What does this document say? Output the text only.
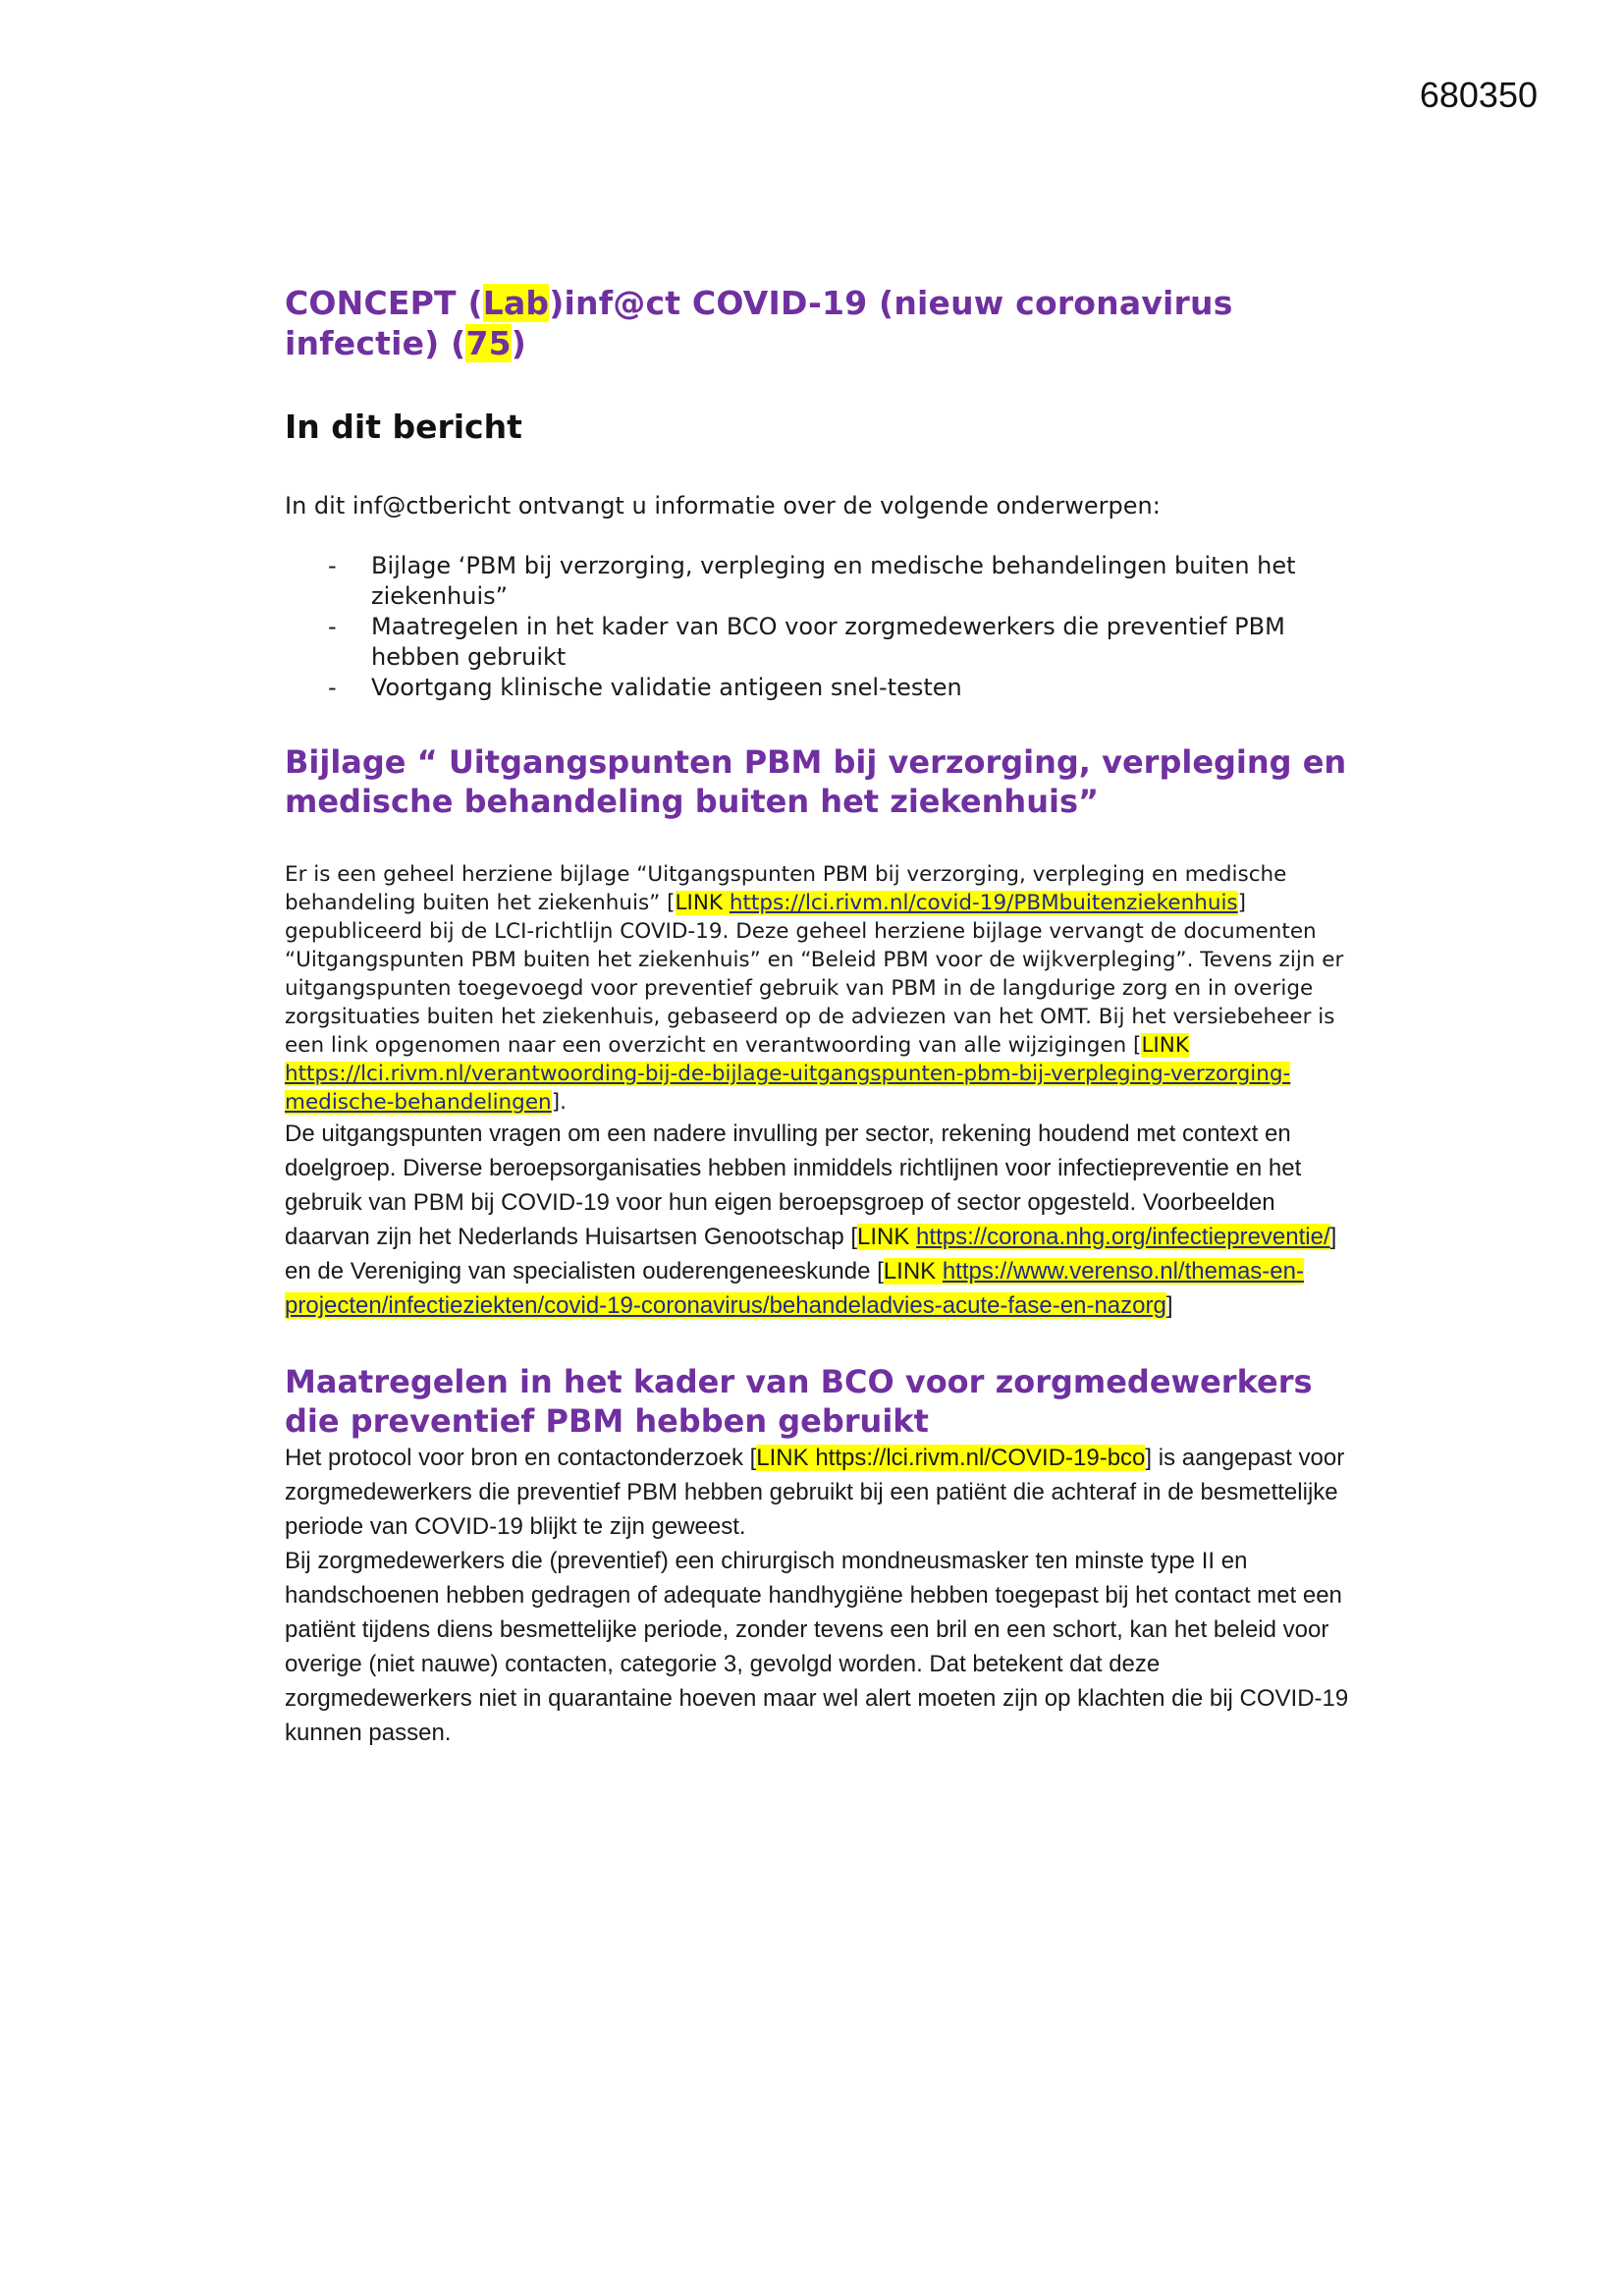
680350
CONCEPT (Lab)inf@ct COVID-19 (nieuw coronavirus infectie) (75)
In dit bericht

In dit inf@ctbericht ontvangt u informatie over de volgende onderwerpen:

- Bijlage ‘PBM bij verzorging, verpleging en medische behandelingen buiten het ziekenhuis”
- Maatregelen in het kader van BCO voor zorgmedewerkers die preventief PBM hebben gebruikt
- Voortgang klinische validatie antigeen snel-testen
Bijlage “ Uitgangspunten PBM bij verzorging, verpleging en medische behandeling buiten het ziekenhuis”

Er is een geheel herziene bijlage “Uitgangspunten PBM bij verzorging, verpleging en medische behandeling buiten het ziekenhuis” [LINK https://lci.rivm.nl/covid-19/PBMbuitenziekenhuis] gepubliceerd bij de LCI-richtlijn COVID-19. Deze geheel herziene bijlage vervangt de documenten “Uitgangspunten PBM buiten het ziekenhuis” en “Beleid PBM voor de wijkverpleging”. Tevens zijn er uitgangspunten toegevoegd voor preventief gebruik van PBM in de langdurige zorg en in overige zorgsituaties buiten het ziekenhuis, gebaseerd op de adviezen van het OMT. Bij het versiebeheer is een link opgenomen naar een overzicht en verantwoording van alle wijzigingen [LINK https://lci.rivm.nl/verantwoording-bij-de-bijlage-uitgangspunten-pbm-bij-verpleging-verzorging-medische-behandelingen].

De uitgangspunten vragen om een nadere invulling per sector, rekening houdend met context en doelgroep. Diverse beroepsorganisaties hebben inmiddels richtlijnen voor infectiepreventie en het gebruik van PBM bij COVID-19 voor hun eigen beroepsgroep of sector opgesteld. Voorbeelden daarvan zijn het Nederlands Huisartsen Genootschap [LINK https://corona.nhg.org/infectiepreventie/] en de Vereniging van specialisten ouderengeneeskunde [LINK https://www.verenso.nl/themas-en-projecten/infectieziekten/covid-19-coronavirus/behandeladvies-acute-fase-en-nazorg]

Maatregelen in het kader van BCO voor zorgmedewerkers die preventief PBM hebben gebruikt

Het protocol voor bron en contactonderzoek [LINK https://lci.rivm.nl/COVID-19-bco] is aangepast voor zorgmedewerkers die preventief PBM hebben gebruikt bij een patiënt die achteraf in de besmettelijke periode van COVID-19 blijkt te zijn geweest.

Bij zorgmedewerkers die (preventief) een chirurgisch mondneusmasker ten minste type II en handschoenen hebben gedragen of adequate handhygiëne hebben toegepast bij het contact met een patiënt tijdens diens besmettelijke periode, zonder tevens een bril en een schort, kan het beleid voor overige (niet nauwe) contacten, categorie 3, gevolgd worden. Dat betekent dat deze zorgmedewerkers niet in quarantaine hoeven maar wel alert moeten zijn op klachten die bij COVID-19 kunnen passen.
